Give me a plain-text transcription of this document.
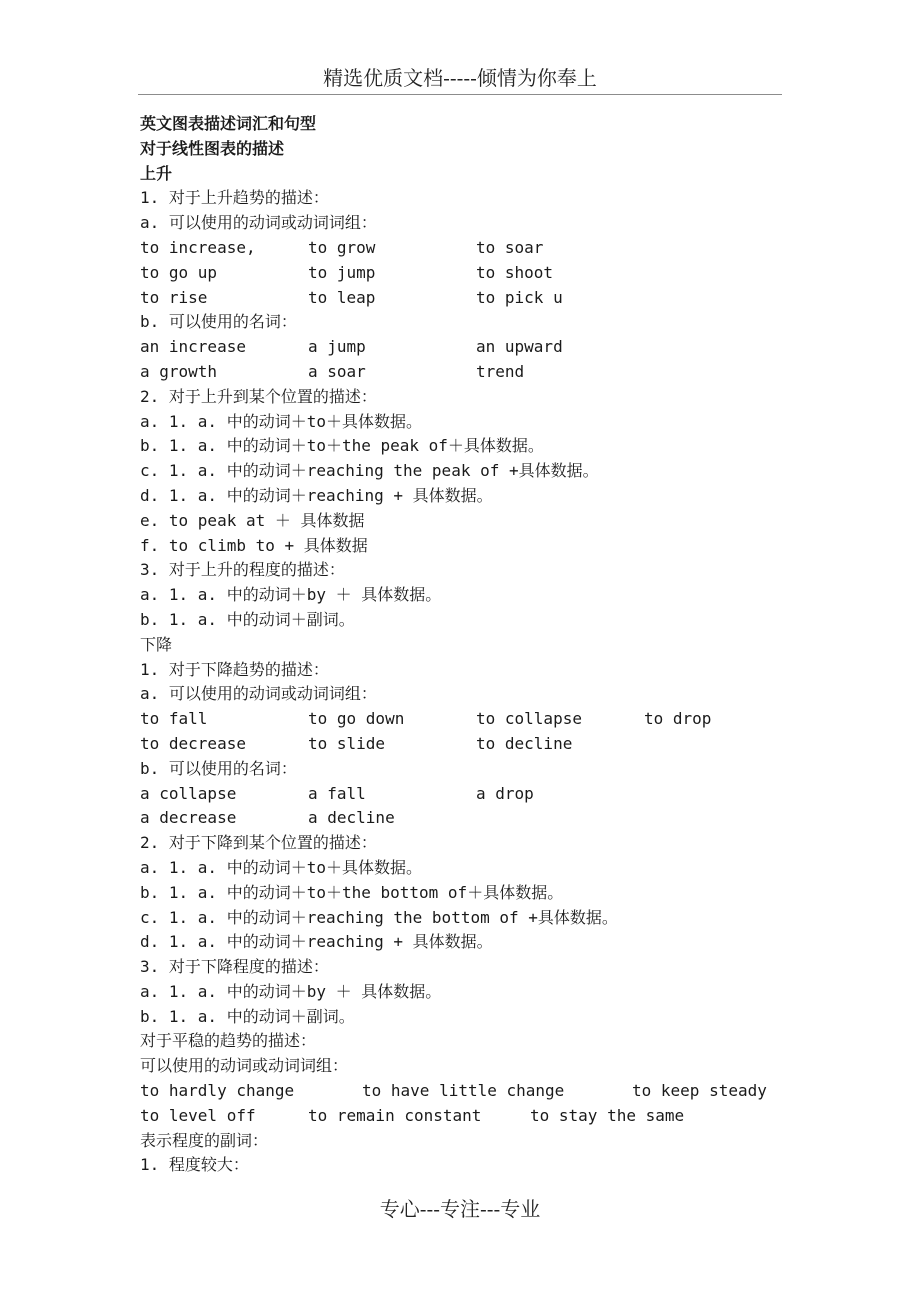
精选优质文档-----倾情为你奉上
英文图表描述词汇和句型
对于线性图表的描述
上升
1. 对于上升趋势的描述：
a. 可以使用的动词或动词词组：
to increase,	to grow	to soar
to go up	to jump	to shoot
to rise	to leap	to pick u
b. 可以使用的名词：
an increase	a jump	an upward
a growth	a soar	trend
2. 对于上升到某个位置的描述：
a. 1. a. 中的动词＋to＋具体数据。
b. 1. a. 中的动词＋to＋the peak of＋具体数据。
c. 1. a. 中的动词＋reaching the peak of +具体数据。
d. 1. a. 中的动词＋reaching + 具体数据。
e. to peak at ＋ 具体数据
f. to climb to + 具体数据
3. 对于上升的程度的描述：
a. 1. a. 中的动词＋by ＋ 具体数据。
b. 1. a. 中的动词＋副词。
下降
1. 对于下降趋势的描述：
a. 可以使用的动词或动词词组：
to fall	to go down	to collapse	to drop
to decrease	to slide	to decline
b. 可以使用的名词：
a collapse	a fall	a drop
a decrease	a decline
2. 对于下降到某个位置的描述：
a. 1. a. 中的动词＋to＋具体数据。
b. 1. a. 中的动词＋to＋the bottom of＋具体数据。
c. 1. a. 中的动词＋reaching the bottom of +具体数据。
d. 1. a. 中的动词＋reaching + 具体数据。
3. 对于下降程度的描述：
a. 1. a. 中的动词＋by ＋ 具体数据。
b. 1. a. 中的动词＋副词。
对于平稳的趋势的描述：
可以使用的动词或动词词组：
to hardly change	to have little change	to keep steady
to level off	to remain constant	to stay the same
表示程度的副词：
1. 程度较大：
专心---专注---专业
